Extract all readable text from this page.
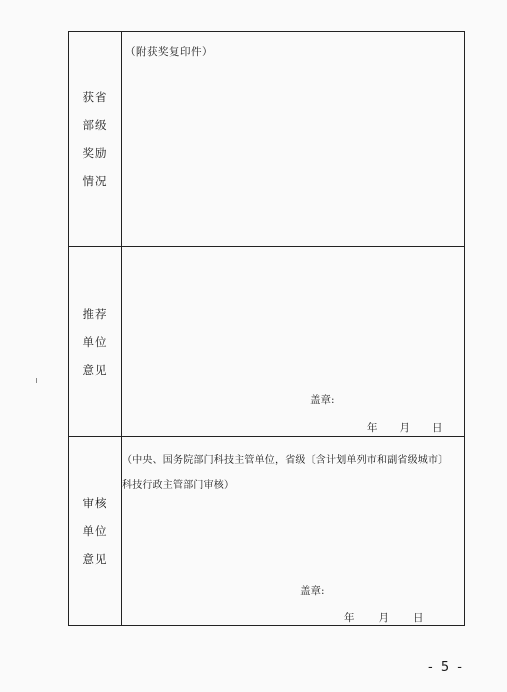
获省
部级
奖励
情况
（附获奖复印件）
推荐
单位
意见
盖章:
年 月 日
审核
单位
意见
（中央、国务院部门科技主管单位，省级〔含计划单列市和副省级城市〕
科技行政主管部门审核）
盖章:
年 月 日
- 5 -
